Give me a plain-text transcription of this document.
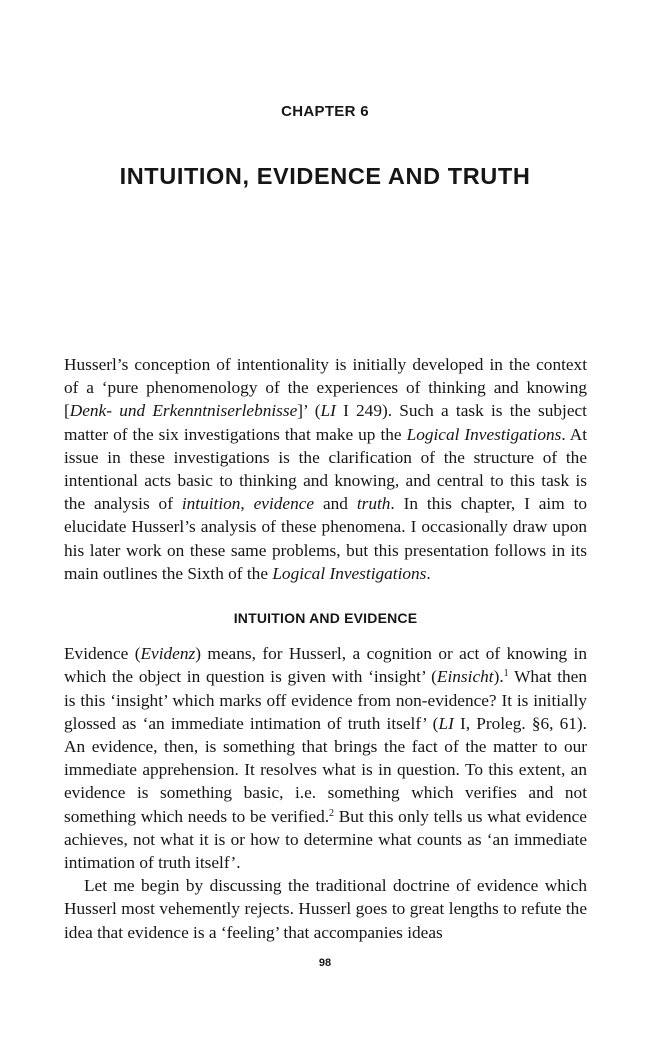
CHAPTER 6
INTUITION, EVIDENCE AND TRUTH

Husserl’s conception of intentionality is initially developed in the context of a ‘pure phenomenology of the experiences of thinking and knowing [Denk- und Erkenntniserlebnisse]’ (LI I 249). Such a task is the subject matter of the six investigations that make up the Logical Investigations. At issue in these investigations is the clarification of the structure of the intentional acts basic to thinking and knowing, and central to this task is the analysis of intuition, evidence and truth. In this chapter, I aim to elucidate Husserl’s analysis of these phenomena. I occasionally draw upon his later work on these same problems, but this presentation follows in its main outlines the Sixth of the Logical Investigations.

INTUITION AND EVIDENCE

Evidence (Evidenz) means, for Husserl, a cognition or act of knowing in which the object in question is given with ‘insight’ (Einsicht).$^1$ What then is this ‘insight’ which marks off evidence from non-evidence? It is initially glossed as ‘an immediate intimation of truth itself’ (LI I, Proleg. §6, 61). An evidence, then, is something that brings the fact of the matter to our immediate apprehension. It resolves what is in question. To this extent, an evidence is something basic, i.e. something which verifies and not something which needs to be verified.$^2$ But this only tells us what evidence achieves, not what it is or how to determine what counts as ‘an immediate intimation of truth itself’.

Let me begin by discussing the traditional doctrine of evidence which Husserl most vehemently rejects. Husserl goes to great lengths to refute the idea that evidence is a ‘feeling’ that accompanies ideas

98
